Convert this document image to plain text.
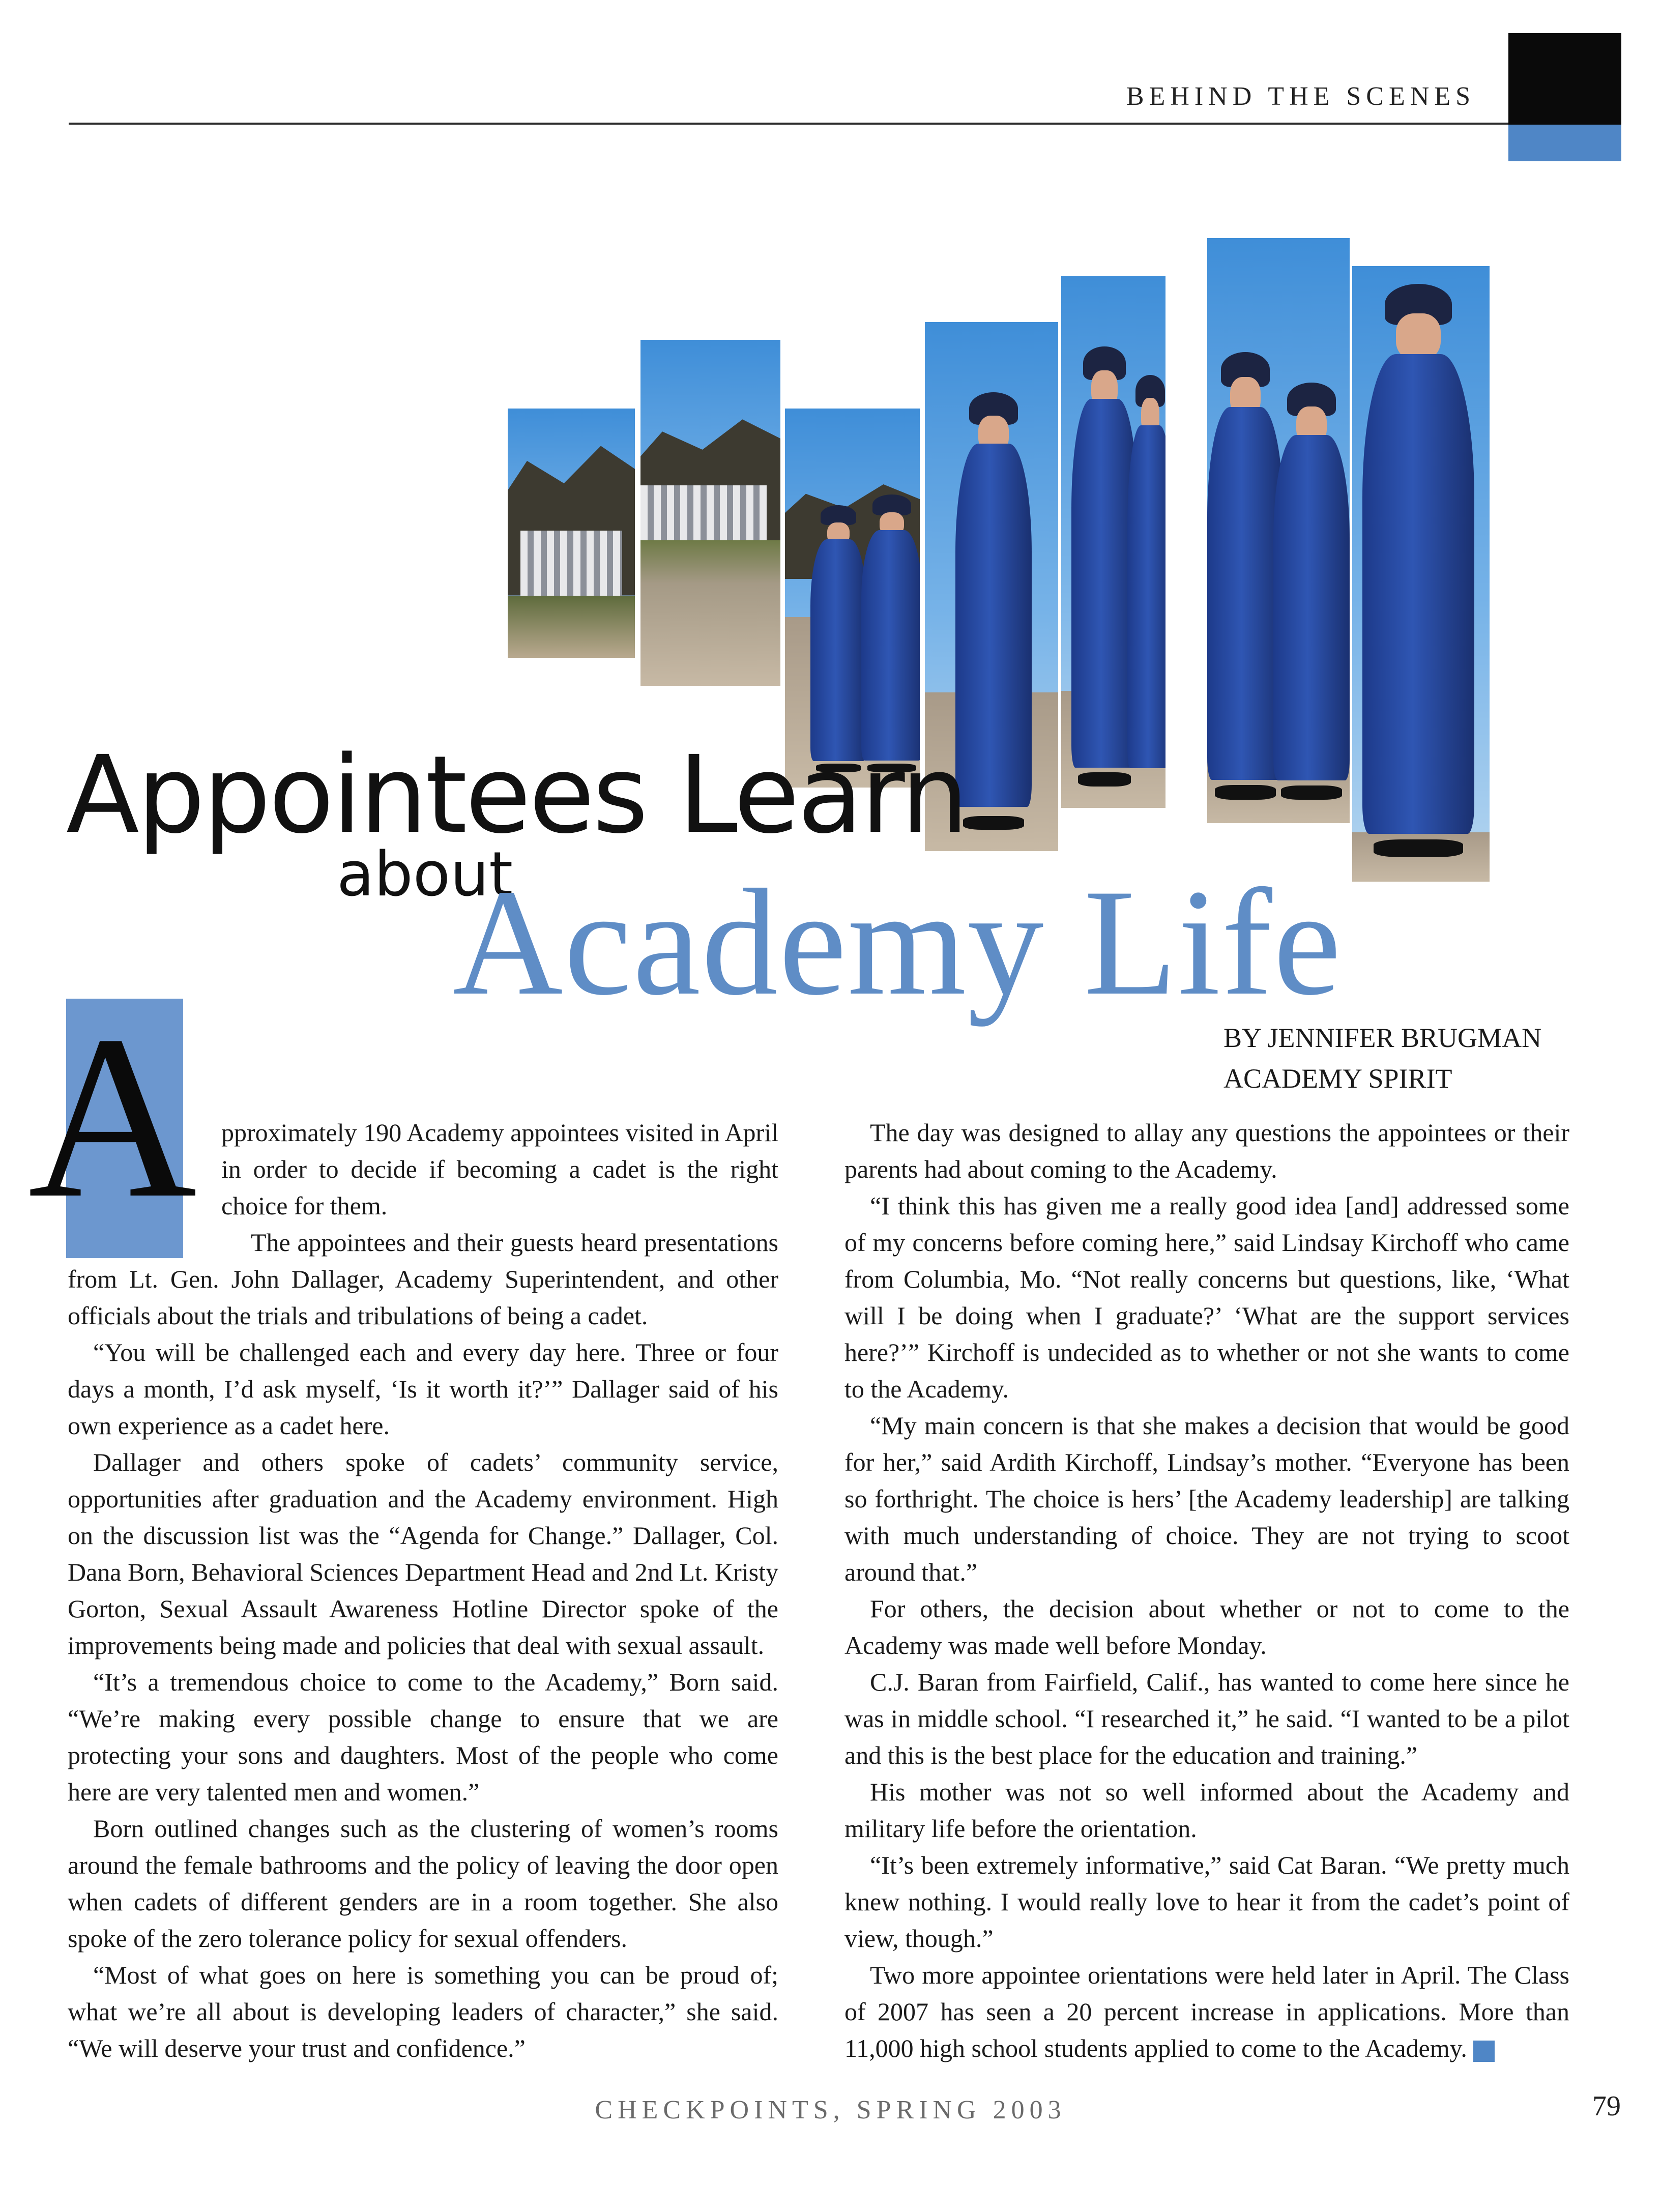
BEHIND THE SCENES
Appointees Learn
about
Academy Life
BY JENNIFER BRUGMAN
ACADEMY SPIRIT
A pproximately 190 Academy appointees visited in April in order to decide if becoming a cadet is the right choice for them.

The appointees and their guests heard presentations from Lt. Gen. John Dallager, Academy Superintendent, and other officials about the trials and tribulations of being a cadet.

“You will be challenged each and every day here. Three or four days a month, I’d ask myself, ‘Is it worth it?’” Dallager said of his own experience as a cadet here.

Dallager and others spoke of cadets’ community service, opportunities after graduation and the Academy environment. High on the discussion list was the “Agenda for Change.” Dallager, Col. Dana Born, Behavioral Sciences Department Head and 2nd Lt. Kristy Gorton, Sexual Assault Awareness Hotline Director spoke of the improvements being made and policies that deal with sexual assault.

“It’s a tremendous choice to come to the Academy,” Born said. “We’re making every possible change to ensure that we are protecting your sons and daughters. Most of the people who come here are very talented men and women.”

Born outlined changes such as the clustering of women’s rooms around the female bathrooms and the policy of leaving the door open when cadets of different genders are in a room together. She also spoke of the zero tolerance policy for sexual offenders.

“Most of what goes on here is something you can be proud of; what we’re all about is developing leaders of character,” she said. “We will deserve your trust and confidence.”

The day was designed to allay any questions the appointees or their parents had about coming to the Academy.

“I think this has given me a really good idea [and] addressed some of my concerns before coming here,” said Lindsay Kirchoff who came from Columbia, Mo. “Not really concerns but questions, like, ‘What will I be doing when I graduate?’ ‘What are the support services here?’” Kirchoff is undecided as to whether or not she wants to come to the Academy.

“My main concern is that she makes a decision that would be good for her,” said Ardith Kirchoff, Lindsay’s mother. “Everyone has been so forthright. The choice is hers’ [the Academy leadership] are talking with much understanding of choice. They are not trying to scoot around that.”

For others, the decision about whether or not to come to the Academy was made well before Monday.

C.J. Baran from Fairfield, Calif., has wanted to come here since he was in middle school. “I researched it,” he said. “I wanted to be a pilot and this is the best place for the education and training.”

His mother was not so well informed about the Academy and military life before the orientation.

“It’s been extremely informative,” said Cat Baran. “We pretty much knew nothing. I would really love to hear it from the cadet’s point of view, though.”

Two more appointee orientations were held later in April. The Class of 2007 has seen a 20 percent increase in applications. More than 11,000 high school students applied to come to the Academy. ✓

CHECKPOINTS, SPRING 2003	79
